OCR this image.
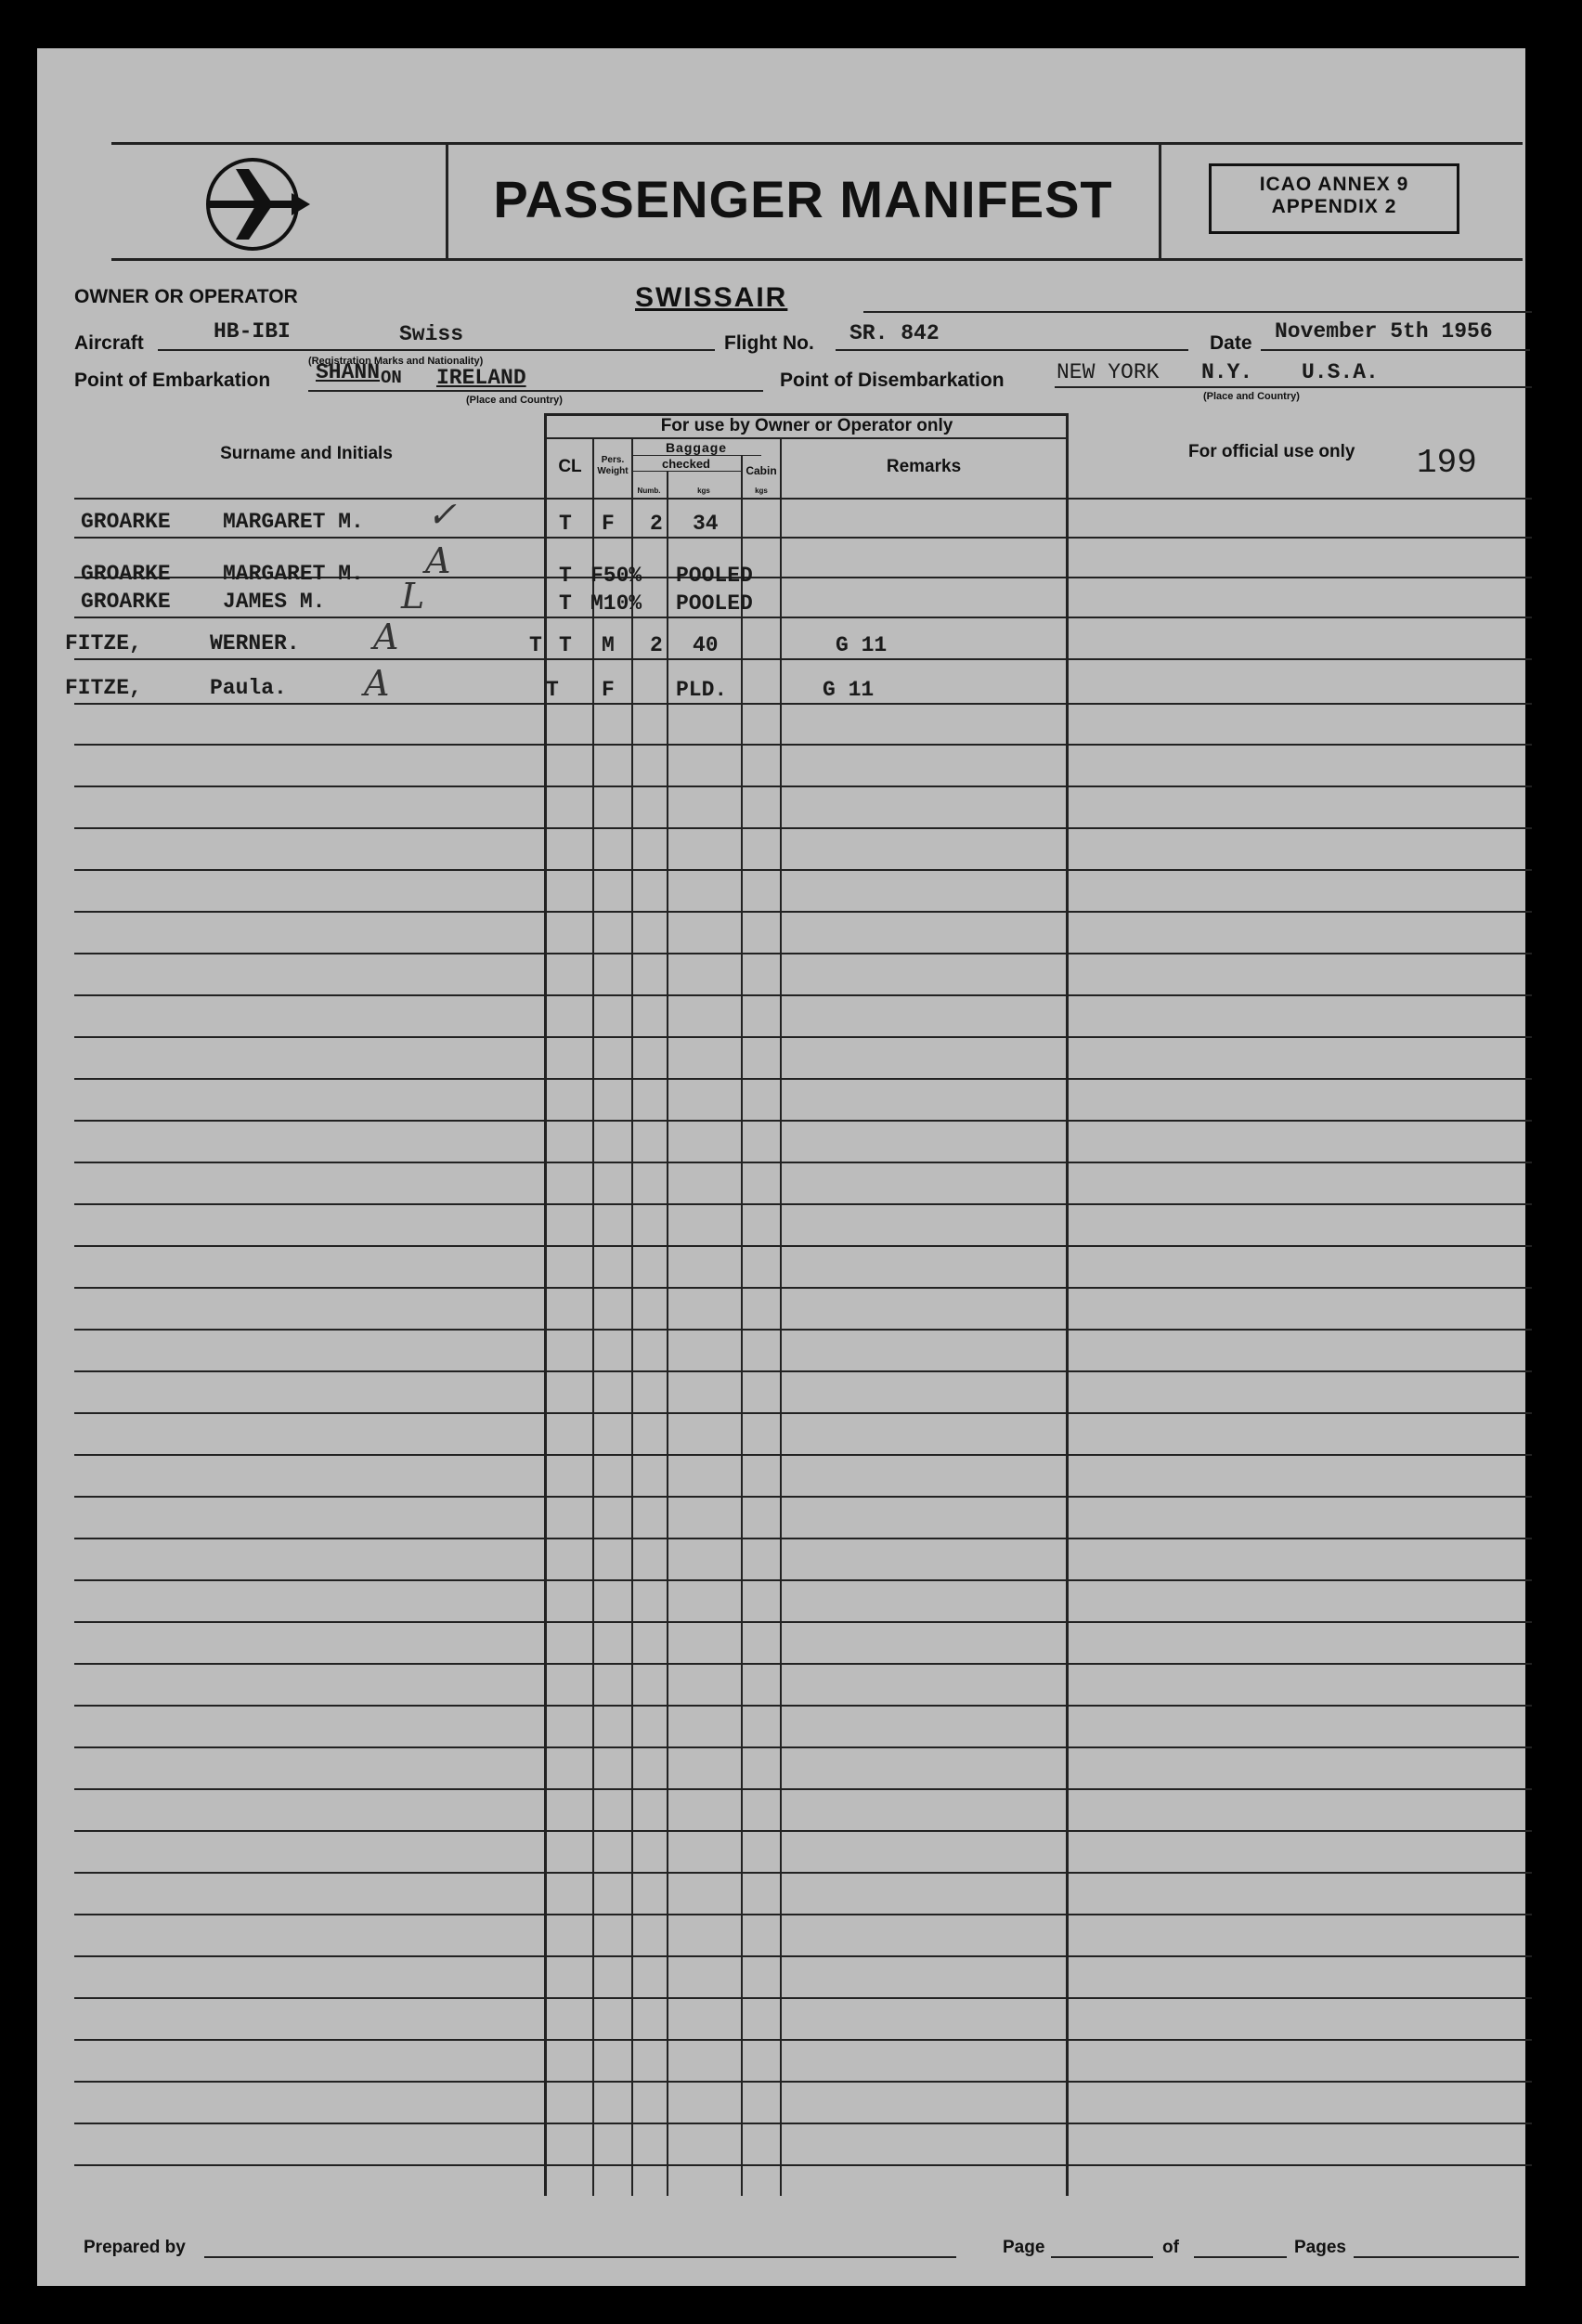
PASSENGER MANIFEST	ICAO ANNEX 9
APPENDIX 2
OWNER OR OPERATOR	SWISSAIR
Aircraft	HB-IBI	Swiss
(Registration Marks and Nationality)
Flight No. SR. 842	Date November 5th 1956
Point of Embarkation SHANN ON IRELAND
(Place and Country)
Point of Disembarkation NEW YORK N.Y. U.S.A.
(Place and Country)
For use by Owner or Operator only
Baggage
checked
Numb.	kgs
Cabin
kgs
Surname and Initials
CL	Pers.
Weight	Remarks
For official use only 199
GROARKE MARGARET M. ✓	T F 2 34
GROARKE MARGARET M. A	T F50% POOLED
GROARKE JAMES M. L	T M10% POOLED
FITZE,	WERNER. A	T T M 2 40	G 11
FITZE,	Paula. A	T F	PLD.	G 11
Prepared by	Page	of	Pages
